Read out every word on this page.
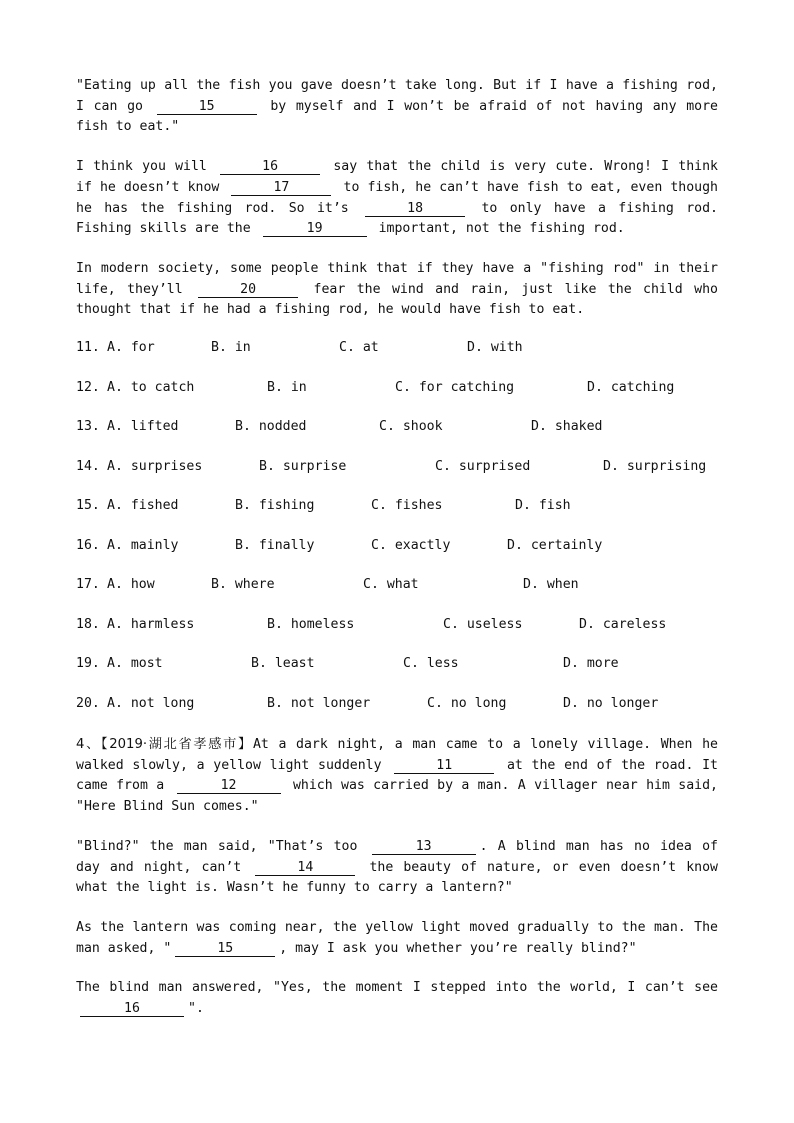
"Eating up all the fish you gave doesn’t take long. But if I have a fishing rod, I can go	15	by myself and I won’t be afraid of not having any more fish to eat."

I think you will	16	say that the child is very cute. Wrong! I think if he doesn’t know	17	to fish, he can’t have fish to eat, even though he has the fishing rod. So it’s	18	to only have a fishing rod. Fishing skills are the	19	important, not the fishing rod.

In modern society, some people think that if they have a "fishing rod" in their life, they’ll	20	fear the wind and rain, just like the child who thought that if he had a fishing rod, he would have fish to eat.

11. A. for	B. in	C. at	D. with
12. A. to catch	B. in	C. for catching	D. catching
13. A. lifted	B. nodded	C. shook	D. shaked
14. A. surprises	B. surprise	C. surprised	D. surprising
15. A. fished	B. fishing	C. fishes	D. fish
16. A. mainly	B. finally	C. exactly	D. certainly
17. A. how	B. where	C. what	D. when
18. A. harmless	B. homeless	C. useless	D. careless
19. A. most	B. least	C. less	D. more
20. A. not long	B. not longer	C. no long	D. no longer

4、【2019·湖北省孝感市】At a dark night, a man came to a lonely village. When he walked slowly, a yellow light suddenly	11	at the end of the road. It came from a	12	which was carried by a man. A villager near him said, "Here Blind Sun comes."

"Blind?" the man said, "That’s too	13	. A blind man has no idea of day and night, can’t	14	the beauty of nature, or even doesn’t know what the light is. Wasn’t he funny to carry a lantern?"

As the lantern was coming near, the yellow light moved gradually to the man. The man asked, "	15	, may I ask you whether you’re really blind?"

The blind man answered, "Yes, the moment I stepped into the world, I can’t see 16	".
